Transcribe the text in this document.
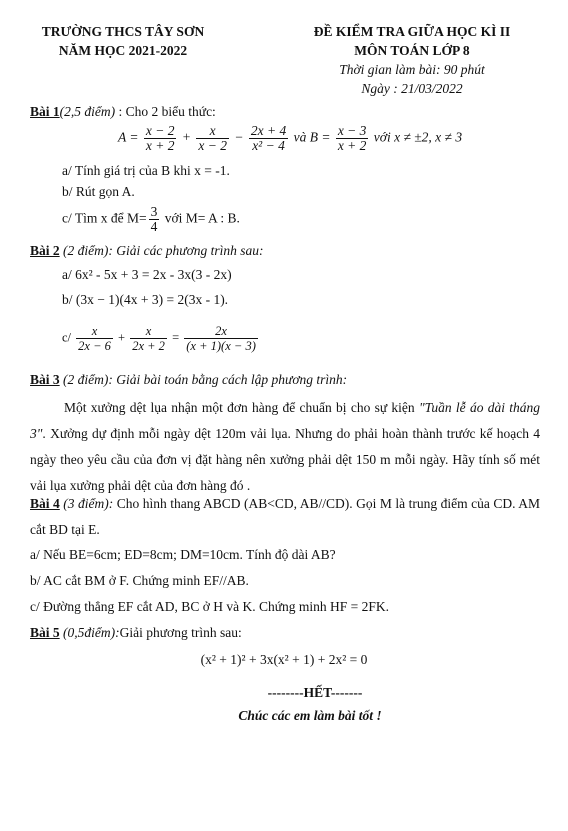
TRƯỜNG THCS TÂY SƠN
NĂM HỌC 2021-2022
ĐỀ KIỂM TRA GIỮA HỌC KÌ II
MÔN TOÁN LỚP 8
Thời gian làm bài: 90 phút
Ngày : 21/03/2022
Bài 1(2,5 điểm) : Cho 2 biểu thức:
$A = \frac{x - 2}{x + 2} + \frac{x}{x - 2} - \frac{2x + 4}{\text{x² − 4}}$ và $B = \frac{x - 3}{x + 2}$ với x ≠ ±2, x ≠ 3
a/ Tính giá trị của B khi x = -1.
b/ Rút gọn A.
c/ Tìm x để $M= \frac{3}{4}$ với M= A : B.
Bài 2 (2 điểm): Giải các phương trình sau:
a/ 6x² - 5x + 3 = 2x - 3x(3 - 2x)
b/ (3x − 1)(4x + 3) = 2(3x - 1).
$c/ \frac{x}{2x - 6} + \frac{x}{2x + 2} = \frac{2x}{(x + 1)(x - 3)}$
Bài 3 (2 điểm): Giải bài toán bằng cách lập phương trình:
Một xưởng dệt lụa nhận một đơn hàng để chuẩn bị cho sự kiện "Tuần lễ áo dài tháng 3". Xưởng dự định mỗi ngày dệt 120m vải lụa. Nhưng do phải hoàn thành trước kế hoạch 4 ngày theo yêu cầu của đơn vị đặt hàng nên xưởng phải dệt 150 m mỗi ngày. Hãy tính số mét vải lụa xưởng phải dệt của đơn hàng đó .
Bài 4 (3 điểm): Cho hình thang ABCD (AB<CD, AB//CD). Gọi M là trung điểm của CD. AM cắt BD tại E.
a/ Nếu BE=6cm; ED=8cm; DM=10cm. Tính độ dài AB?
b/ AC cắt BM ở F. Chứng minh EF//AB.
c/ Đường thẳng EF cắt AD, BC ở H và K. Chứng minh HF = 2FK.
Bài 5 (0,5điểm):Giải phương trình sau:
(x² + 1)² + 3x(x² + 1) + 2x² = 0
--------HẾT-------
Chúc các em làm bài tốt !
